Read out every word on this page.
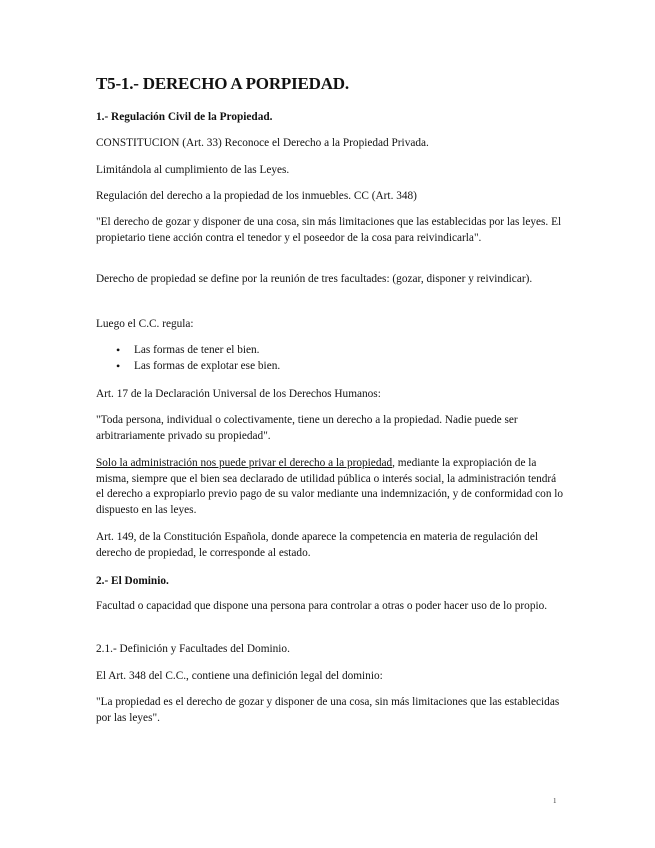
T5-1.- DERECHO A PORPIEDAD.

1.- Regulación Civil de la Propiedad.

CONSTITUCION (Art. 33) Reconoce el Derecho a la Propiedad Privada.

Limitándola al cumplimiento de las Leyes.

Regulación del derecho a la propiedad de los inmuebles. CC (Art. 348)

"El derecho de gozar y disponer de una cosa, sin más limitaciones que las establecidas por las leyes. El propietario tiene acción contra el tenedor y el poseedor de la cosa para reivindicarla".

Derecho de propiedad se define por la reunión de tres facultades: (gozar, disponer y reivindicar).

Luego el C.C. regula:

• Las formas de tener el bien.
• Las formas de explotar ese bien.

Art. 17 de la Declaración Universal de los Derechos Humanos:

"Toda persona, individual o colectivamente, tiene un derecho a la propiedad. Nadie puede ser arbitrariamente privado su propiedad".

Solo la administración nos puede privar el derecho a la propiedad, mediante la expropiación de la misma, siempre que el bien sea declarado de utilidad pública o interés social, la administración tendrá el derecho a expropiarlo previo pago de su valor mediante una indemnización, y de conformidad con lo dispuesto en las leyes.

Art. 149, de la Constitución Española, donde aparece la competencia en materia de regulación del derecho de propiedad, le corresponde al estado.

2.- El Dominio.

Facultad o capacidad que dispone una persona para controlar a otras o poder hacer uso de lo propio.

2.1.- Definición y Facultades del Dominio.

El Art. 348 del C.C., contiene una definición legal del dominio:

"La propiedad es el derecho de gozar y disponer de una cosa, sin más limitaciones que las establecidas por las leyes".

1
